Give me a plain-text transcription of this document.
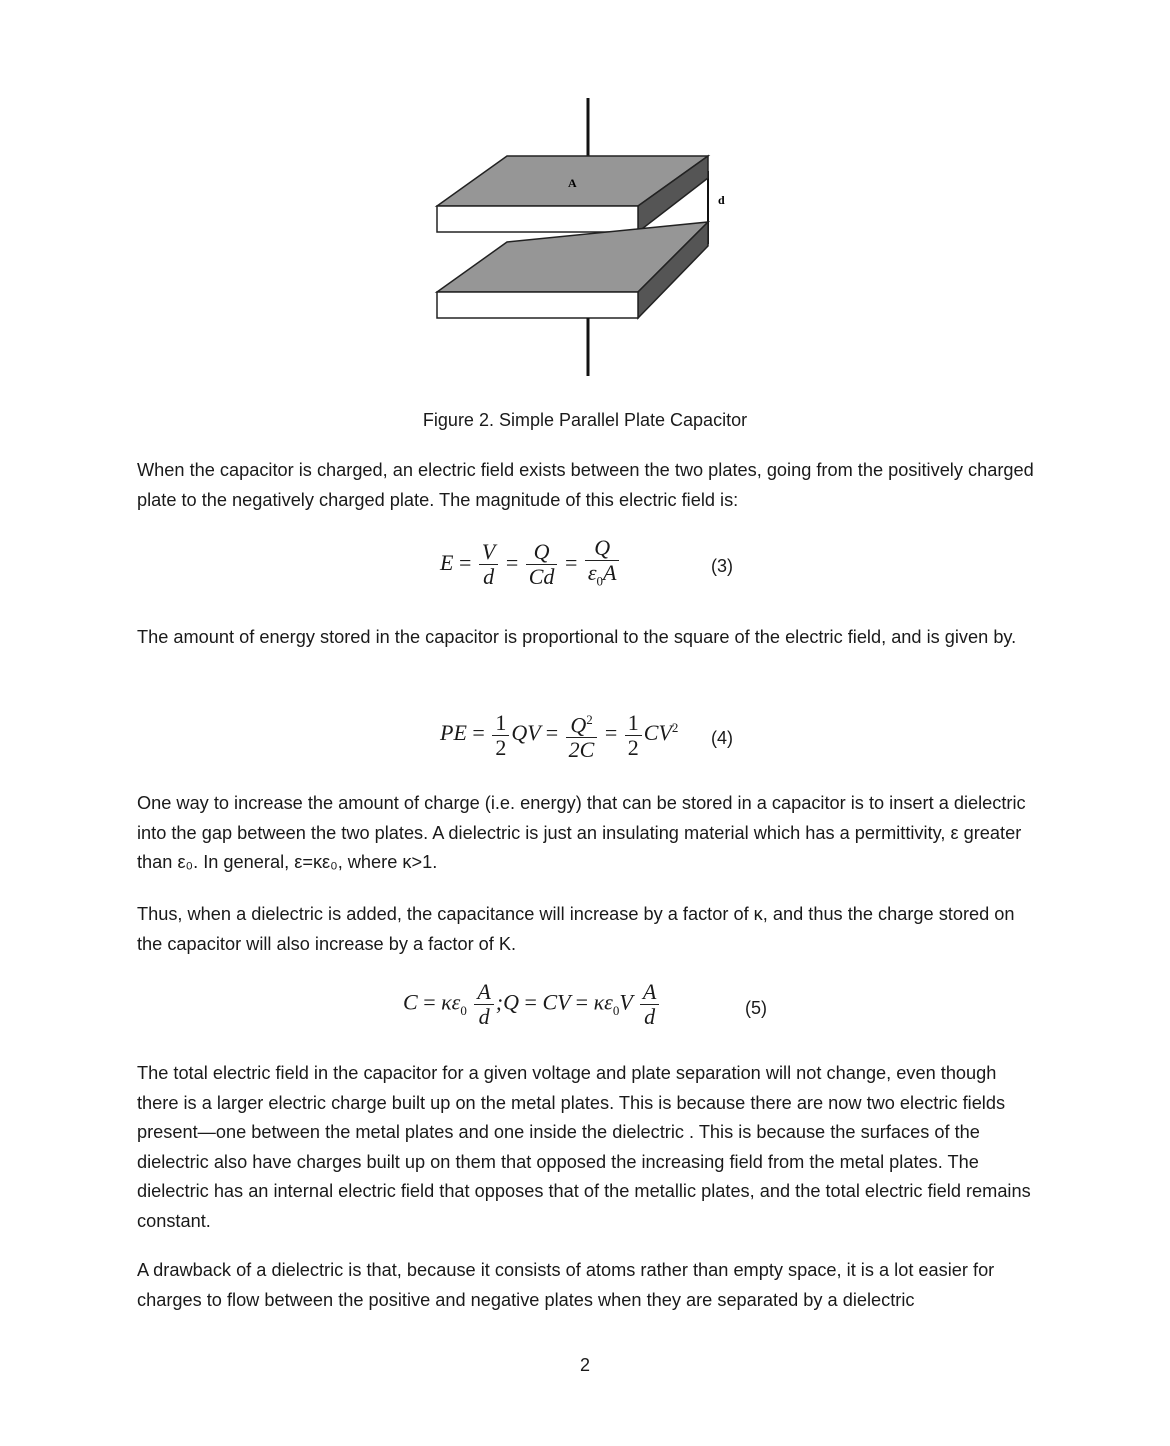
A
d
Figure 2. Simple Parallel Plate Capacitor

When the capacitor is charged, an electric field exists between the two plates, going from the positively charged plate to the negatively charged plate. The magnitude of this electric field is:

$E = \frac{V}{d} = \frac{Q}{Cd} = \frac{Q}{\varepsilon_0A}$	(3)

The amount of energy stored in the capacitor is proportional to the square of the electric field, and is given by.

PE = $\frac{1}{2}$ QV = $\frac{Q^2}{2C} = \frac{1}{2} CV^2$
(4)

One way to increase the amount of charge (i.e. energy) that can be stored in a capacitor is to insert a dielectric into the gap between the two plates. A dielectric is just an insulating material which has a permittivity, ε greater than ε₀. In general, ε=κε₀, where κ>1.

Thus, when a dielectric is added, the capacitance will increase by a factor of κ, and thus the charge stored on the capacitor will also increase by a factor of K.

$C = \kappa\varepsilon_0 \frac{A}{d}$ ;Q = CV = $\kappa\varepsilon_0V \frac{A}{d}$	(5)

The total electric field in the capacitor for a given voltage and plate separation will not change, even though there is a larger electric charge built up on the metal plates. This is because there are now two electric fields present—one between the metal plates and one inside the dielectric . This is because the surfaces of the dielectric also have charges built up on them that opposed the increasing field from the metal plates. The dielectric has an internal electric field that opposes that of the metallic plates, and the total electric field remains constant.

A drawback of a dielectric is that, because it consists of atoms rather than empty space, it is a lot easier for charges to flow between the positive and negative plates when they are separated by a dielectric

2
